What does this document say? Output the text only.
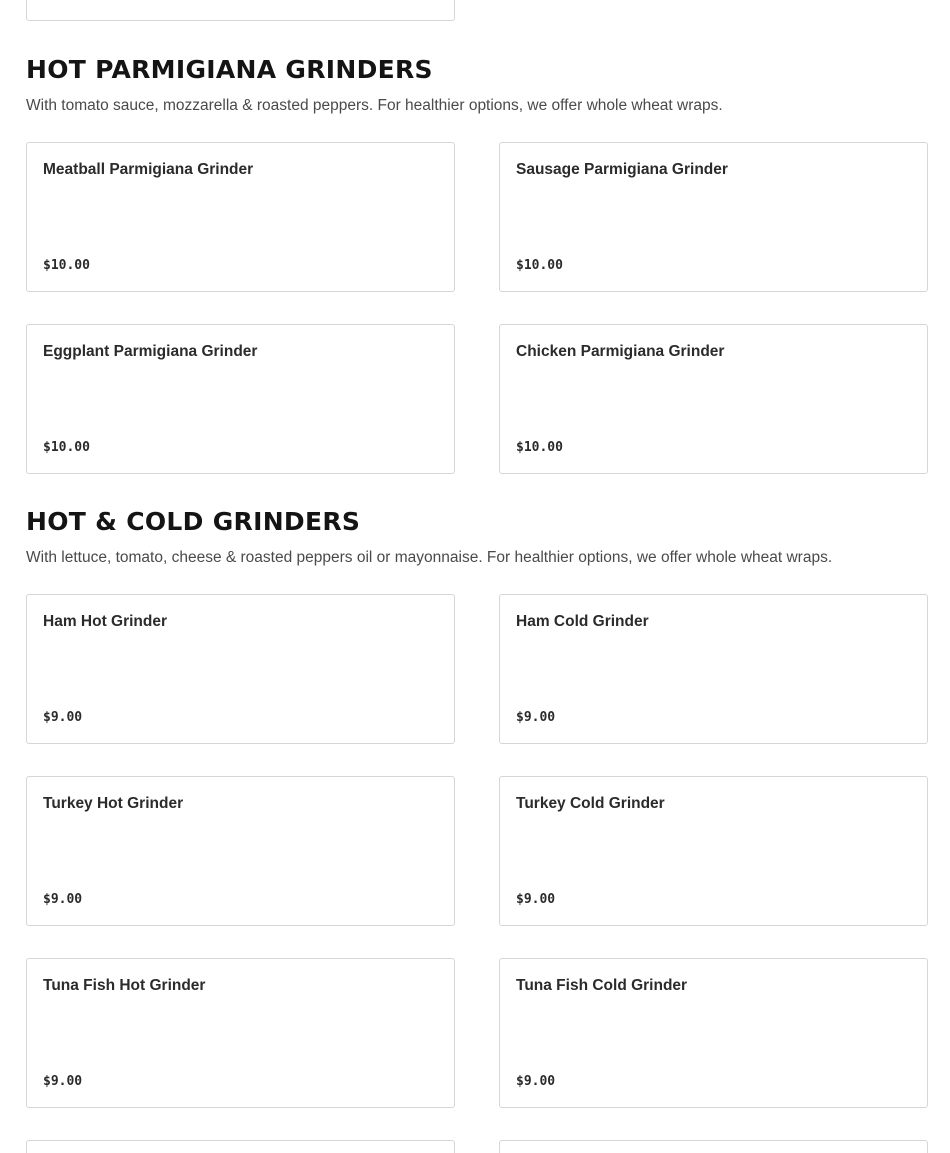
HOT PARMIGIANA GRINDERS

With tomato sauce, mozzarella & roasted peppers. For healthier options, we offer whole wheat wraps.

Meatball Parmigiana Grinder
$10.00
Sausage Parmigiana Grinder
$10.00
Eggplant Parmigiana Grinder
$10.00
Chicken Parmigiana Grinder
$10.00
HOT & COLD GRINDERS

With lettuce, tomato, cheese & roasted peppers oil or mayonnaise. For healthier options, we offer whole wheat wraps.

Ham Hot Grinder
$9.00
Ham Cold Grinder
$9.00
Turkey Hot Grinder
$9.00
Turkey Cold Grinder
$9.00
Tuna Fish Hot Grinder
$9.00
Tuna Fish Cold Grinder
$9.00
